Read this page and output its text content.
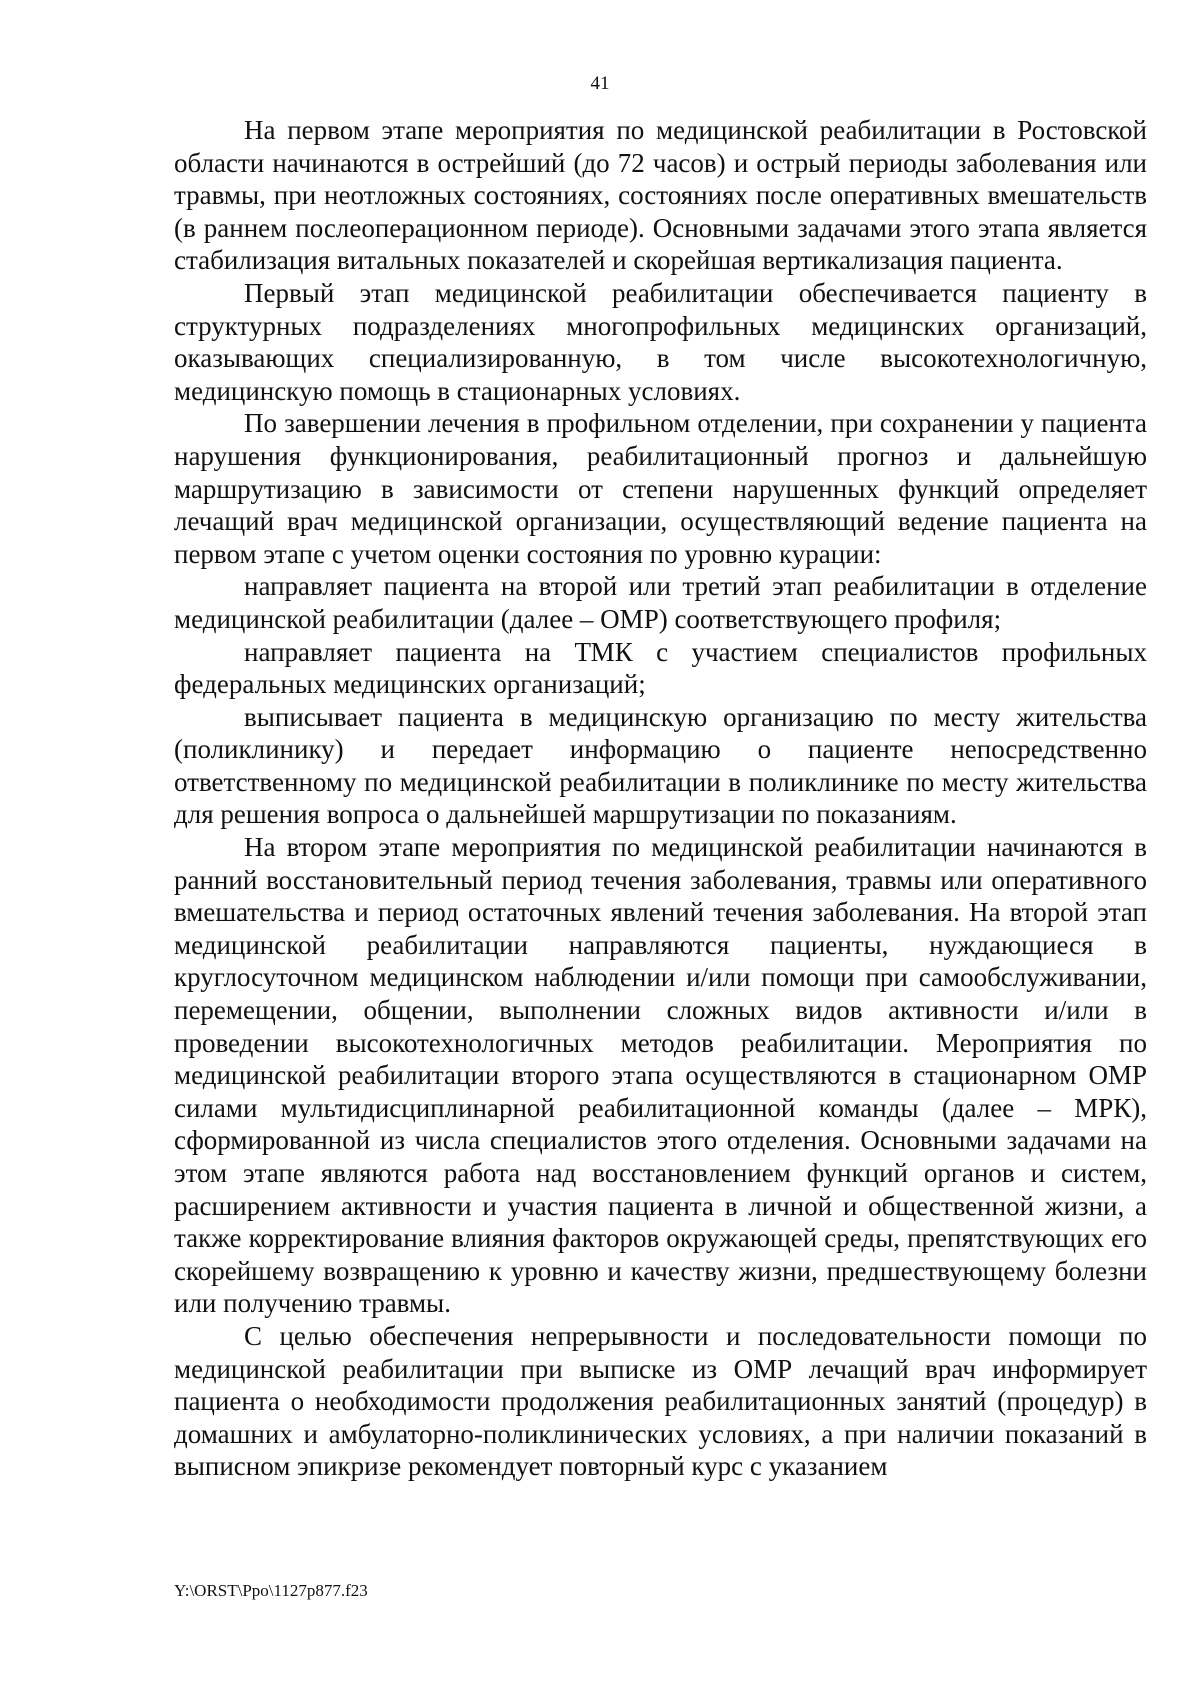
41

На первом этапе мероприятия по медицинской реабилитации в Ростовской области начинаются в острейший (до 72 часов) и острый периоды заболевания или травмы, при неотложных состояниях, состояниях после оперативных вмешательств (в раннем послеоперационном периоде). Основными задачами этого этапа является стабилизация витальных показателей и скорейшая вертикализация пациента.

Первый этап медицинской реабилитации обеспечивается пациенту в структурных подразделениях многопрофильных медицинских организаций, оказывающих специализированную, в том числе высокотехнологичную, медицинскую помощь в стационарных условиях.

По завершении лечения в профильном отделении, при сохранении у пациента нарушения функционирования, реабилитационный прогноз и дальнейшую маршрутизацию в зависимости от степени нарушенных функций определяет лечащий врач медицинской организации, осуществляющий ведение пациента на первом этапе с учетом оценки состояния по уровню курации:

направляет пациента на второй или третий этап реабилитации в отделение медицинской реабилитации (далее – ОМР) соответствующего профиля;

направляет пациента на ТМК с участием специалистов профильных федеральных медицинских организаций;

выписывает пациента в медицинскую организацию по месту жительства (поликлинику) и передает информацию о пациенте непосредственно ответственному по медицинской реабилитации в поликлинике по месту жительства для решения вопроса о дальнейшей маршрутизации по показаниям.

На втором этапе мероприятия по медицинской реабилитации начинаются в ранний восстановительный период течения заболевания, травмы или оперативного вмешательства и период остаточных явлений течения заболевания. На второй этап медицинской реабилитации направляются пациенты, нуждающиеся в круглосуточном медицинском наблюдении и/или помощи при самообслуживании, перемещении, общении, выполнении сложных видов активности и/или в проведении высокотехнологичных методов реабилитации. Мероприятия по медицинской реабилитации второго этапа осуществляются в стационарном ОМР силами мультидисциплинарной реабилитационной команды (далее – МРК), сформированной из числа специалистов этого отделения. Основными задачами на этом этапе являются работа над восстановлением функций органов и систем, расширением активности и участия пациента в личной и общественной жизни, а также корректирование влияния факторов окружающей среды, препятствующих его скорейшему возвращению к уровню и качеству жизни, предшествующему болезни или получению травмы.

С целью обеспечения непрерывности и последовательности помощи по медицинской реабилитации при выписке из ОМР лечащий врач информирует пациента о необходимости продолжения реабилитационных занятий (процедур) в домашних и амбулаторно-поликлинических условиях, а при наличии показаний в выписном эпикризе рекомендует повторный курс с указанием

Y:\ORST\Ppo\1127p877.f23
